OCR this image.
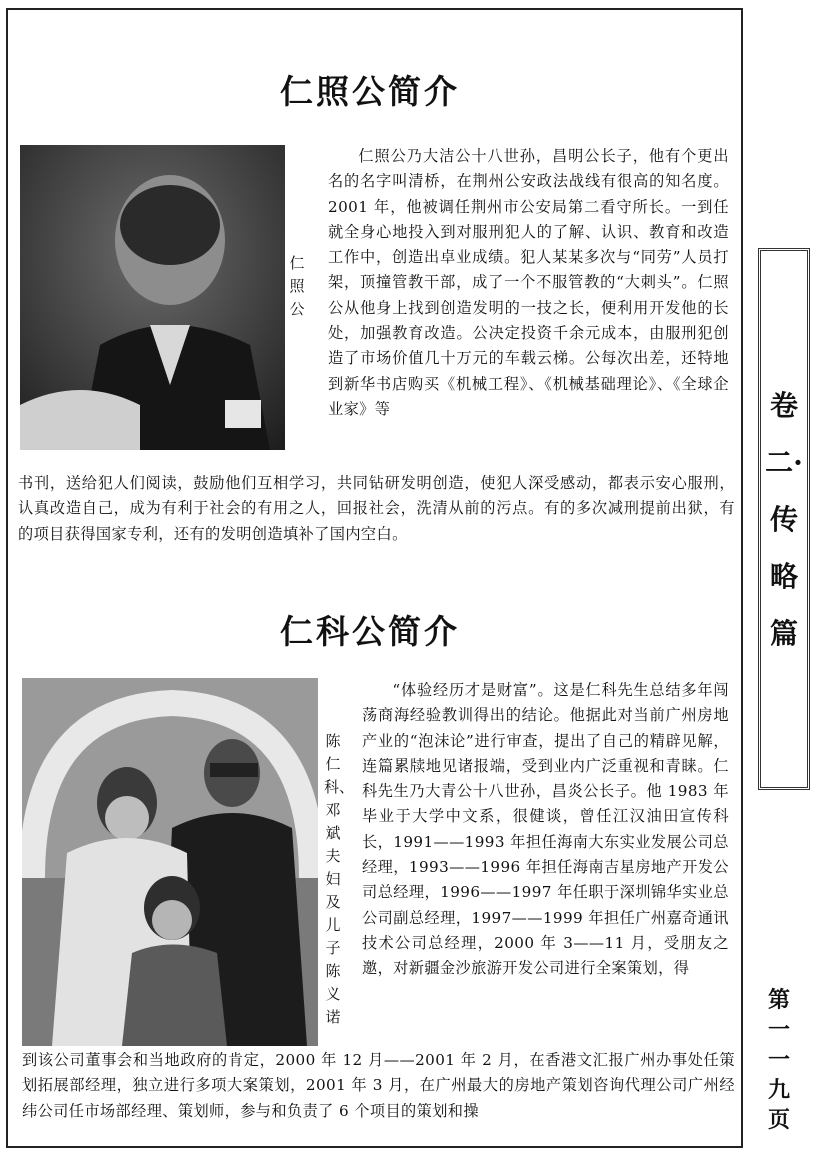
仁照公简介
仁照公
仁照公乃大洁公十八世孙，昌明公长子，他有个更出名的名字叫清桥，在荆州公安政法战线有很高的知名度。2001 年，他被调任荆州市公安局第二看守所长。一到任就全身心地投入到对服刑犯人的了解、认识、教育和改造工作中，创造出卓业成绩。犯人某某多次与“同劳”人员打架，顶撞管教干部，成了一个不服管教的“大刺头”。仁照公从他身上找到创造发明的一技之长，便利用开发他的长处，加强教育改造。公决定投资千余元成本，由服刑犯创造了市场价值几十万元的车载云梯。公每次出差，还特地到新华书店购买《机械工程》、《机械基础理论》、《全球企业家》等
书刊，送给犯人们阅读，鼓励他们互相学习，共同钻研发明创造，使犯人深受感动，都表示安心服刑，认真改造自己，成为有利于社会的有用之人，回报社会，洗清从前的污点。有的多次减刑提前出狱，有的项目获得国家专利，还有的发明创造填补了国内空白。
仁科公简介
陈仁科、邓斌夫妇及儿子陈义诺
“体验经历才是财富”。这是仁科先生总结多年闯荡商海经验教训得出的结论。他据此对当前广州房地产业的“泡沫论”进行审查，提出了自己的精辟见解，连篇累牍地见诸报端，受到业内广泛重视和青睐。仁科先生乃大青公十八世孙，昌炎公长子。他 1983 年毕业于大学中文系，很健谈，曾任江汉油田宣传科长，1991——1993 年担任海南大东实业发展公司总经理，1993——1996 年担任海南吉星房地产开发公司总经理，1996——1997 年任职于深圳锦华实业总公司副总经理，1997——1999 年担任广州嘉奇通讯技术公司总经理，2000 年 3——11 月，受朋友之邀，对新疆金沙旅游开发公司进行全案策划，得
到该公司董事会和当地政府的肯定，2000 年 12 月——2001 年 2 月，在香港文汇报广州办事处任策划拓展部经理，独立进行多项大案策划，2001 年 3 月，在广州最大的房地产策划咨询代理公司广州经纬公司任市场部经理、策划师，参与和负责了 6 个项目的策划和操
卷二·传略篇
第一一九页
